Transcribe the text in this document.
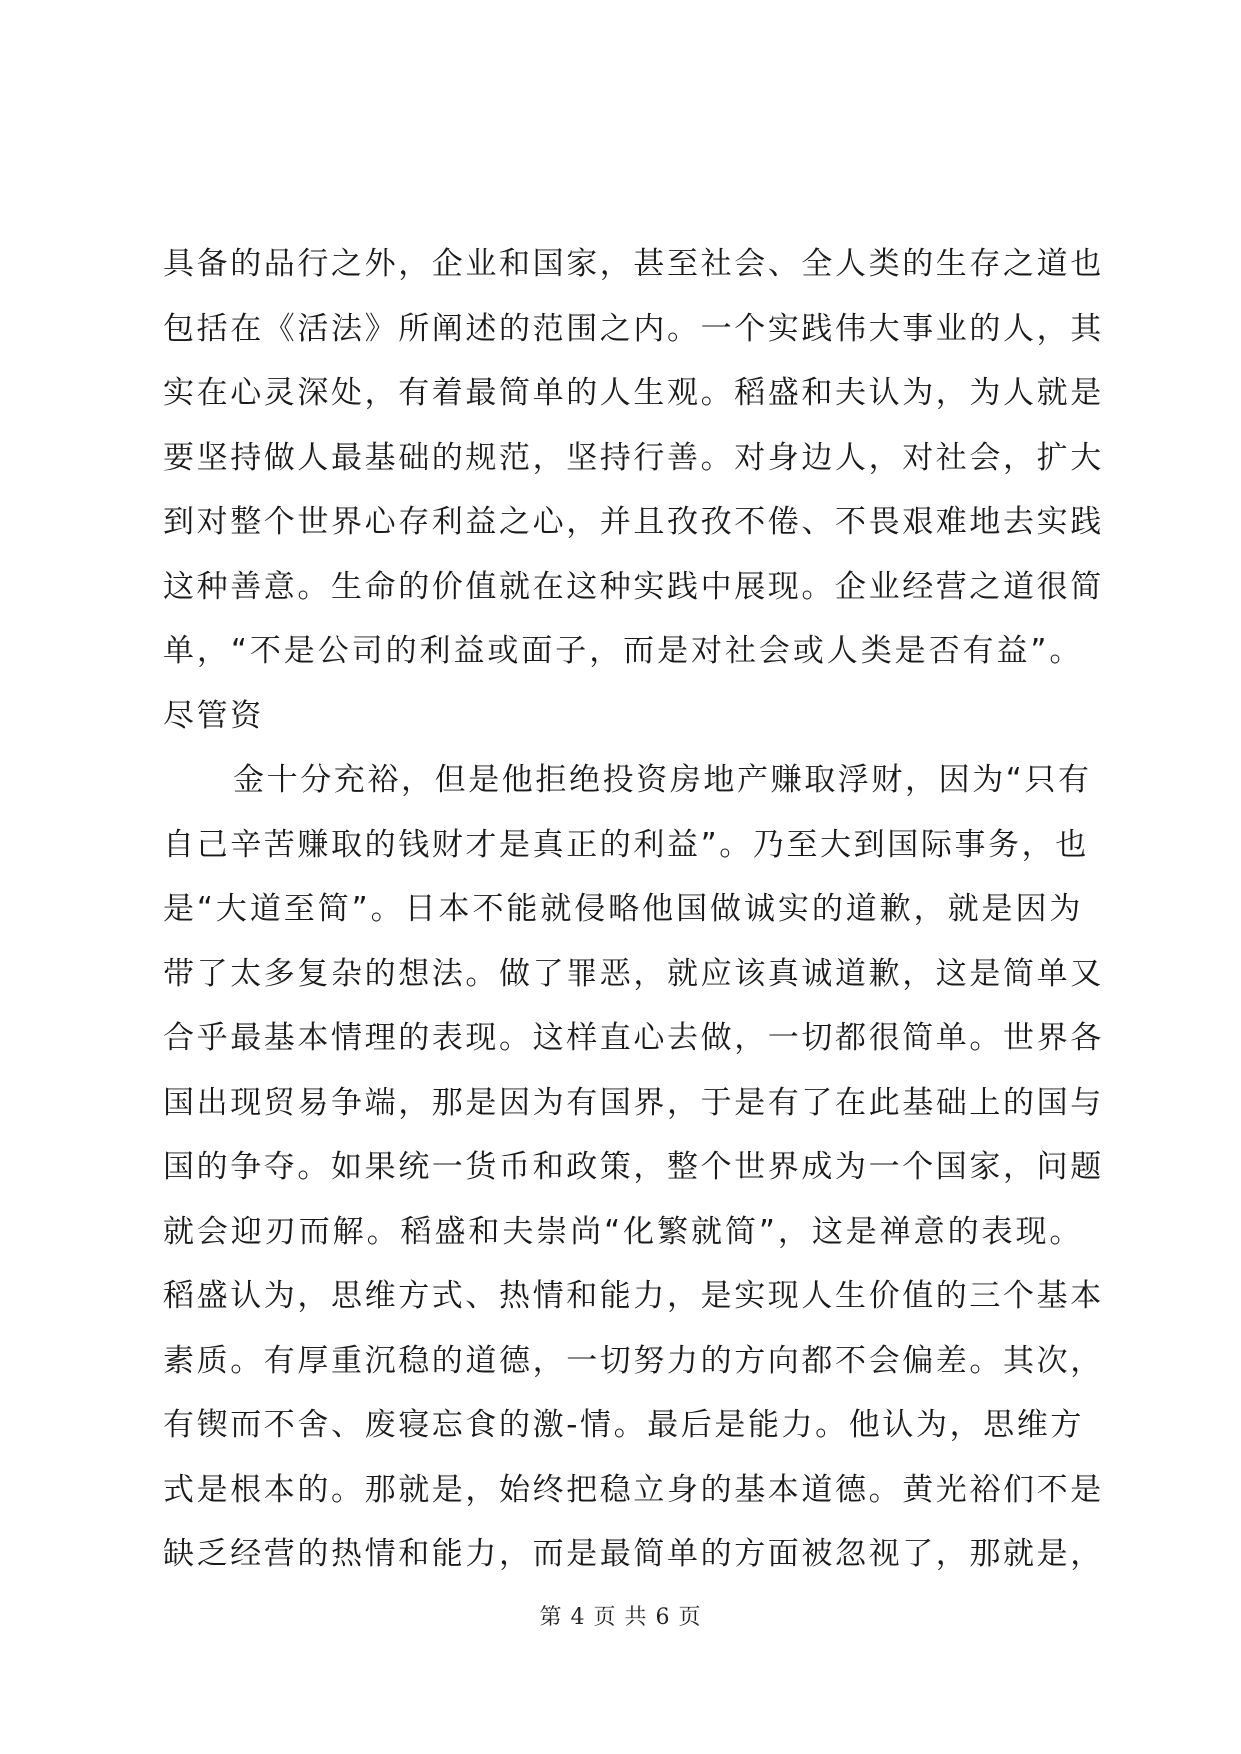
具备的品行之外，企业和国家，甚至社会、全人类的生存之道也
包括在《活法》所阐述的范围之内。一个实践伟大事业的人，其
实在心灵深处，有着最简单的人生观。稻盛和夫认为，为人就是
要坚持做人最基础的规范，坚持行善。对身边人，对社会，扩大
到对整个世界心存利益之心，并且孜孜不倦、不畏艰难地去实践
这种善意。生命的价值就在这种实践中展现。企业经营之道很简
单，“不是公司的利益或面子，而是对社会或人类是否有益”。
尽管资
金十分充裕，但是他拒绝投资房地产赚取浮财，因为“只有
自己辛苦赚取的钱财才是真正的利益”。乃至大到国际事务，也
是“大道至简”。日本不能就侵略他国做诚实的道歉，就是因为
带了太多复杂的想法。做了罪恶，就应该真诚道歉，这是简单又
合乎最基本情理的表现。这样直心去做，一切都很简单。世界各
国出现贸易争端，那是因为有国界，于是有了在此基础上的国与
国的争夺。如果统一货币和政策，整个世界成为一个国家，问题
就会迎刃而解。稻盛和夫崇尚“化繁就简”，这是禅意的表现。
稻盛认为，思维方式、热情和能力，是实现人生价值的三个基本
素质。有厚重沉稳的道德，一切努力的方向都不会偏差。其次，
有锲而不舍、废寝忘食的激-情。最后是能力。他认为，思维方
式是根本的。那就是，始终把稳立身的基本道德。黄光裕们不是
缺乏经营的热情和能力，而是最简单的方面被忽视了，那就是，
第 4 页 共 6 页
